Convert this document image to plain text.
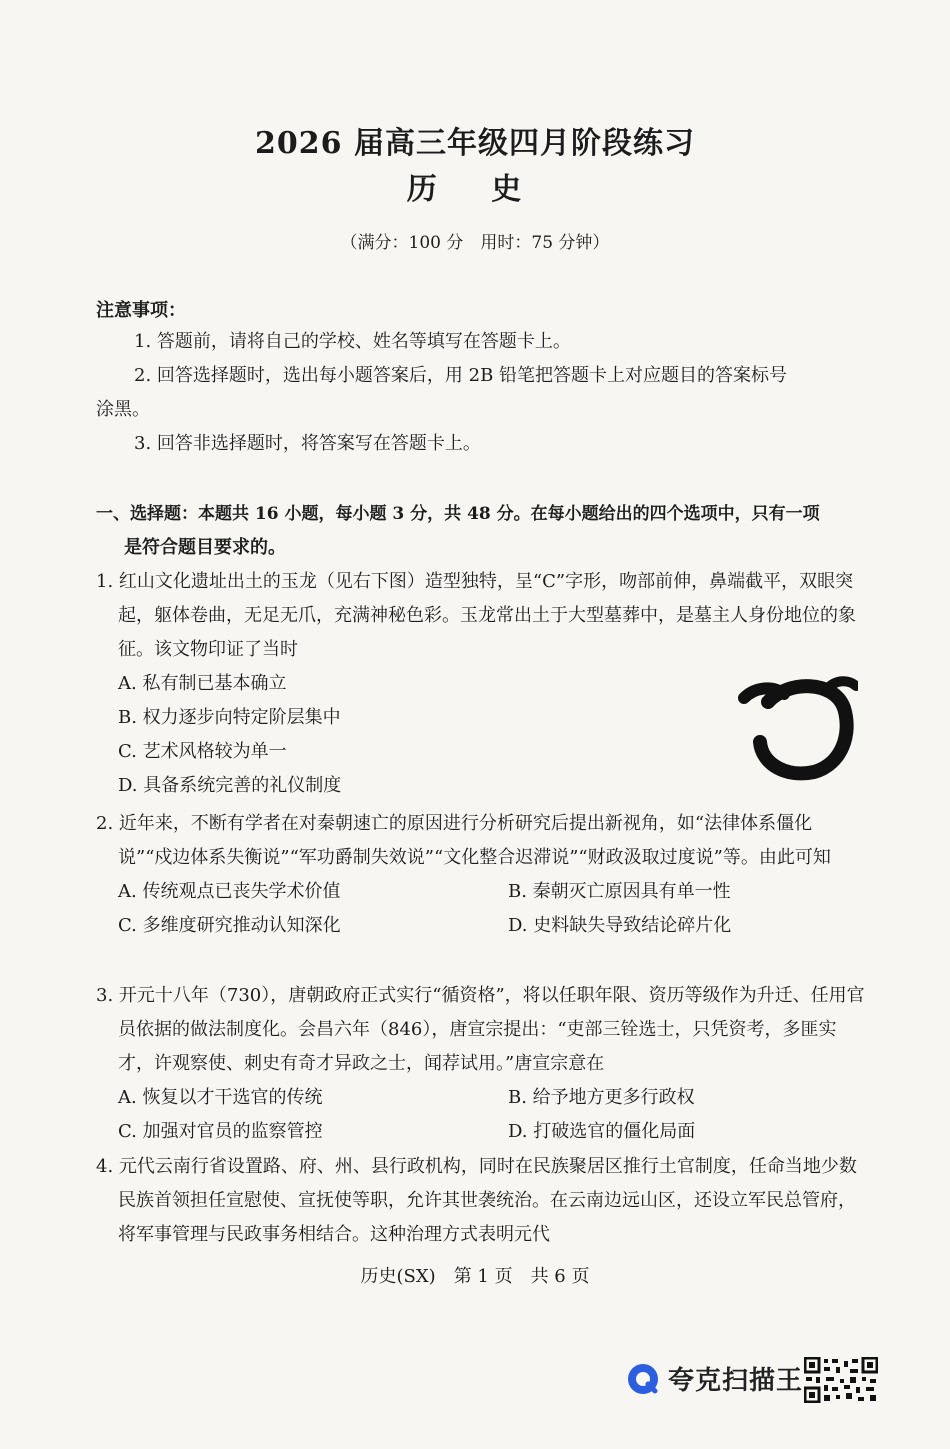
2026 届高三年级四月阶段练习
历 史
（满分：100 分　用时：75 分钟）
注意事项：
1. 答题前，请将自己的学校、姓名等填写在答题卡上。
2. 回答选择题时，选出每小题答案后，用 2B 铅笔把答题卡上对应题目的答案标号
涂黑。
3. 回答非选择题时，将答案写在答题卡上。
一、选择题：本题共 16 小题，每小题 3 分，共 48 分。在每小题给出的四个选项中，只有一项
是符合题目要求的。
1. 红山文化遗址出土的玉龙（见右下图）造型独特，呈“C”字形，吻部前伸，鼻端截平，双眼突起，躯体卷曲，无足无爪，充满神秘色彩。玉龙常出土于大型墓葬中，是墓主人身份地位的象征。该文物印证了当时
A. 私有制已基本确立
B. 权力逐步向特定阶层集中
C. 艺术风格较为单一
D. 具备系统完善的礼仪制度
2. 近年来，不断有学者在对秦朝速亡的原因进行分析研究后提出新视角，如“法律体系僵化说”“戍边体系失衡说”“军功爵制失效说”“文化整合迟滞说”“财政汲取过度说”等。由此可知
A. 传统观点已丧失学术价值	B. 秦朝灭亡原因具有单一性
C. 多维度研究推动认知深化	D. 史料缺失导致结论碎片化
3. 开元十八年（730），唐朝政府正式实行“循资格”，将以任职年限、资历等级作为升迁、任用官员依据的做法制度化。会昌六年（846），唐宣宗提出：“吏部三铨选士，只凭资考，多匪实才，许观察使、刺史有奇才异政之士，闻荐试用。”唐宣宗意在
A. 恢复以才干选官的传统	B. 给予地方更多行政权
C. 加强对官员的监察管控	D. 打破选官的僵化局面
4. 元代云南行省设置路、府、州、县行政机构，同时在民族聚居区推行土官制度，任命当地少数民族首领担任宣慰使、宣抚使等职，允许其世袭统治。在云南边远山区，还设立军民总管府，将军事管理与民政事务相结合。这种治理方式表明元代
历史(SX)　第 1 页　共 6 页
夸克扫描王
